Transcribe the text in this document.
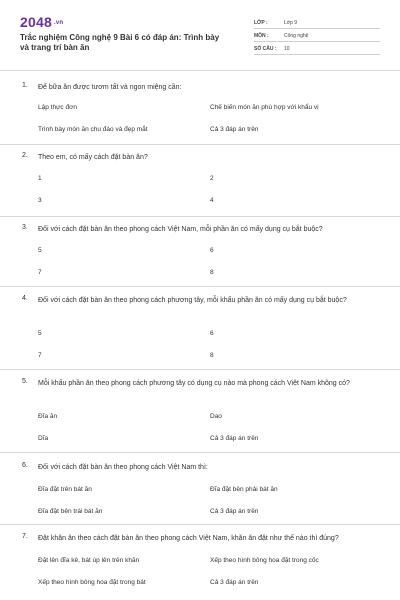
2048 .vn
Trắc nghiệm Công nghệ 9 Bài 6 có đáp án: Trình bày và trang trí bàn ăn
LỚP :	Lớp 9
MÔN :	Công nghệ
SỐ CÂU :	10
1. Để bữa ăn được tươm tất và ngon miệng cần:
Lập thực đơn	Chế biến món ăn phù hợp với khẩu vị
Trình bày món ăn chu đáo và đẹp mắt	Cả 3 đáp án trên
2. Theo em, có mấy cách đặt bàn ăn?
1	2
3	4
3. Đối với cách đặt bàn ăn theo phong cách Việt Nam, mỗi phần ăn có mấy dụng cụ bắt buộc?
5	6
7	8
4. Đối với cách đặt bàn ăn theo phong cách phương tây, mỗi khẩu phần ăn có mấy dụng cụ bắt buộc?
5	6
7	8
5. Mỗi khẩu phần ăn theo phong cách phương tây có dụng cụ nào mà phong cách Việt Nam không có?
Đĩa ăn	Dao
Dĩa	Cả 3 đáp án trên
6. Đối với cách đặt bàn ăn theo phong cách Việt Nam thì:
Đĩa đặt trên bát ăn	Đĩa đặt bên phải bát ăn
Đĩa đặt bên trái bát ăn	Cả 3 đáp án trên
7. Đặt khăn ăn theo cách đặt bàn ăn theo phong cách Việt Nam, khăn ăn đặt như thế nào thì đúng?
Đặt lên đĩa kê, bát úp lên trên khăn	Xếp theo hình bông hoa đặt trong cốc
Xếp theo hình bông hoa đặt trong bát	Cả 3 đáp án trên
